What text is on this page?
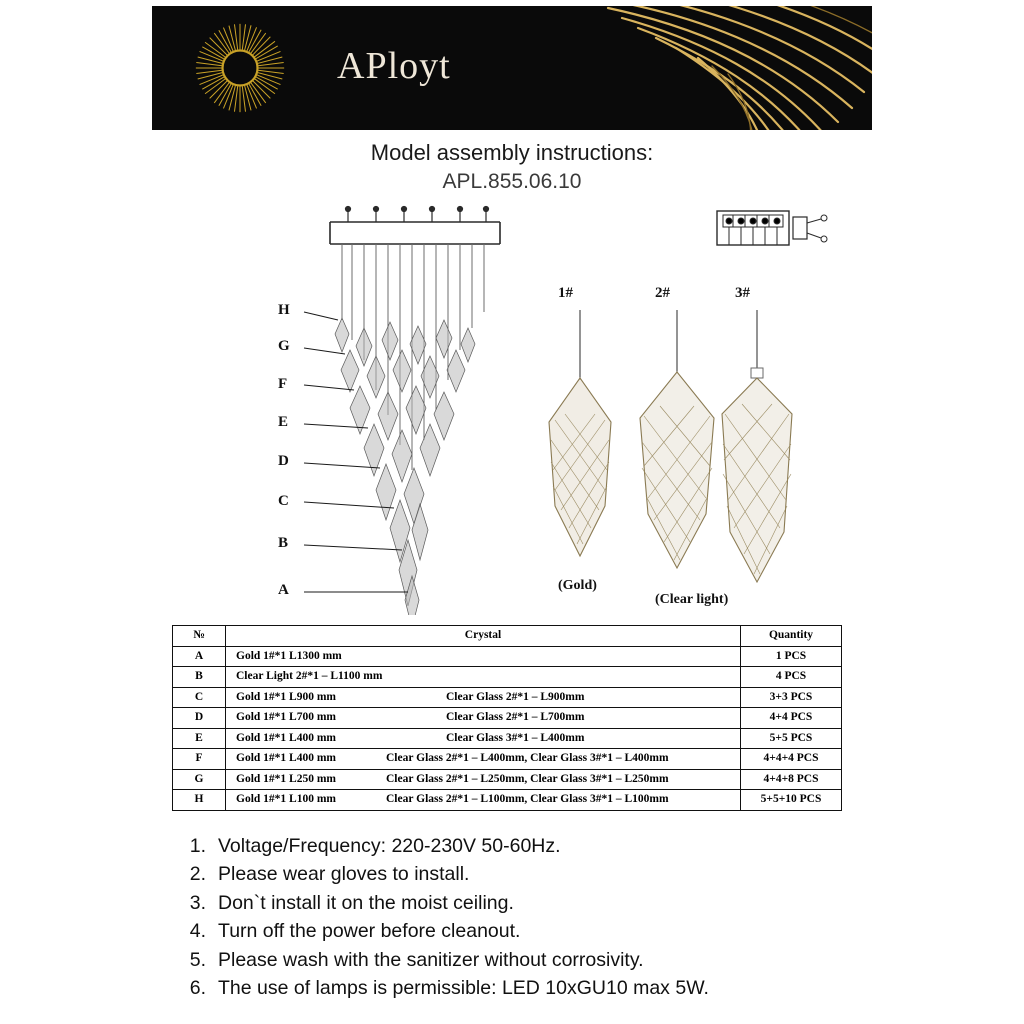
APloyt
Model assembly instructions:
APL.855.06.10
H
G
F
E
D
C
B
A
1#
(Gold)
2#	3#
(Clear light)
№	Crystal	Quantity
A	Gold 1#*1 L1300 mm	1 PCS
B	Clear Light 2#*1 – L1100 mm	4 PCS
C	Gold 1#*1 L900 mm Clear Glass 2#*1 – L900mm	3+3 PCS
D	Gold 1#*1 L700 mm Clear Glass 2#*1 – L700mm	4+4 PCS
E	Gold 1#*1 L400 mm Clear Glass 3#*1 – L400mm	5+5 PCS
F	Gold 1#*1 L400 mm Clear Glass 2#*1 – L400mm, Clear Glass 3#*1 – L400mm	4+4+4 PCS
G	Gold 1#*1 L250 mm Clear Glass 2#*1 – L250mm, Clear Glass 3#*1 – L250mm	4+4+8 PCS
H	Gold 1#*1 L100 mm Clear Glass 2#*1 – L100mm, Clear Glass 3#*1 – L100mm	5+5+10 PCS
1. Voltage/Frequency: 220-230V 50-60Hz.
2. Please wear gloves to install.
3. Don`t install it on the moist ceiling.
4. Turn off the power before cleanout.
5. Please wash with the sanitizer without corrosivity.
6. The use of lamps is permissible: LED 10xGU10 max 5W.
